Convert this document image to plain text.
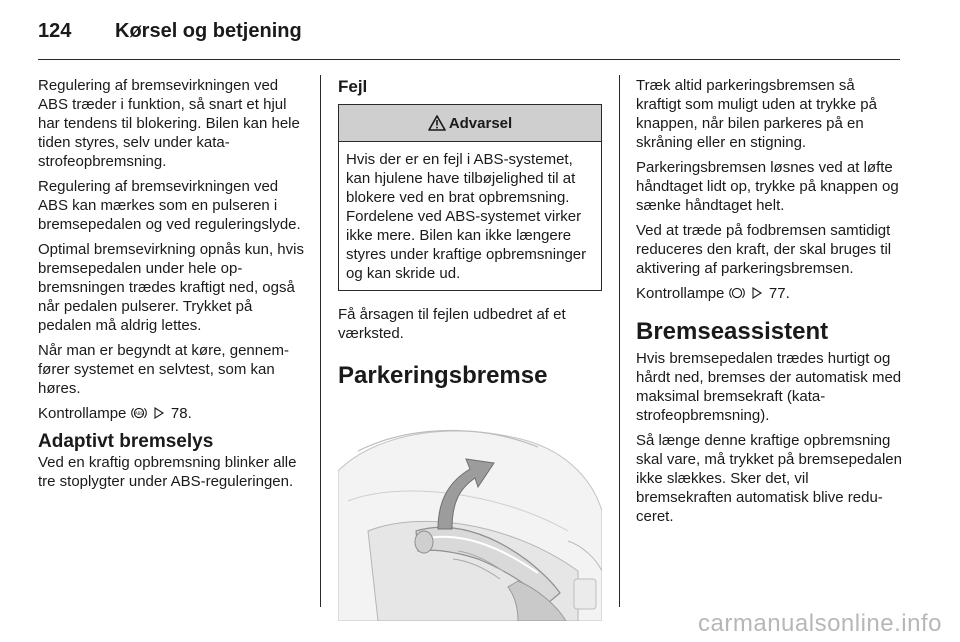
124 Kørsel og betjening

Regulering af bremsevirkningen ved ABS træder i funktion, så snart et hjul har tendens til blokering. Bilen kan hele tiden styres, selv under katastrofeopbremsning.

Regulering af bremsevirkningen ved ABS kan mærkes som en pulseren i bremsepedalen og ved reguleringslyde.

Optimal bremsevirkning opnås kun, hvis bremsepedalen under hele opbremsningen trædes kraftigt ned, også når pedalen pulserer. Trykket på pedalen må aldrig lettes.

Når man er begyndt at køre, gennemfører systemet en selvtest, som kan høres.

Kontrollampe ABS 78.

Adaptivt bremselys

Ved en kraftig opbremsning blinker alle tre stoplygter under ABS-reguleringen.

Fejl
Advarsel
Hvis der er en fejl i ABS-systemet, kan hjulene have tilbøjelighed til at blokere ved en brat opbremsning. Fordelene ved ABS-systemet virker ikke mere. Bilen kan ikke længere styres under kraftige opbremsninger og kan skride ud.

Få årsagen til fejlen udbedret af et værksted.

Parkeringsbremse

Træk altid parkeringsbremsen så kraftigt som muligt uden at trykke på knappen, når bilen parkeres på en skråning eller en stigning.

Parkeringsbremsen løsnes ved at løfte håndtaget lidt op, trykke på knappen og sænke håndtaget helt.

Ved at træde på fodbremsen samtidigt reduceres den kraft, der skal bruges til aktivering af parkeringsbremsen.

Kontrollampe	77.

Bremseassistent

Hvis bremsepedalen trædes hurtigt og hårdt ned, bremses der automatisk med maksimal bremsekraft (katastrofeopbremsning).

Så længe denne kraftige opbremsning skal vare, må trykket på bremsepedalen ikke slækkes. Sker det, vil bremsekraften automatisk blive reduceret.

carmanualsonline.info
